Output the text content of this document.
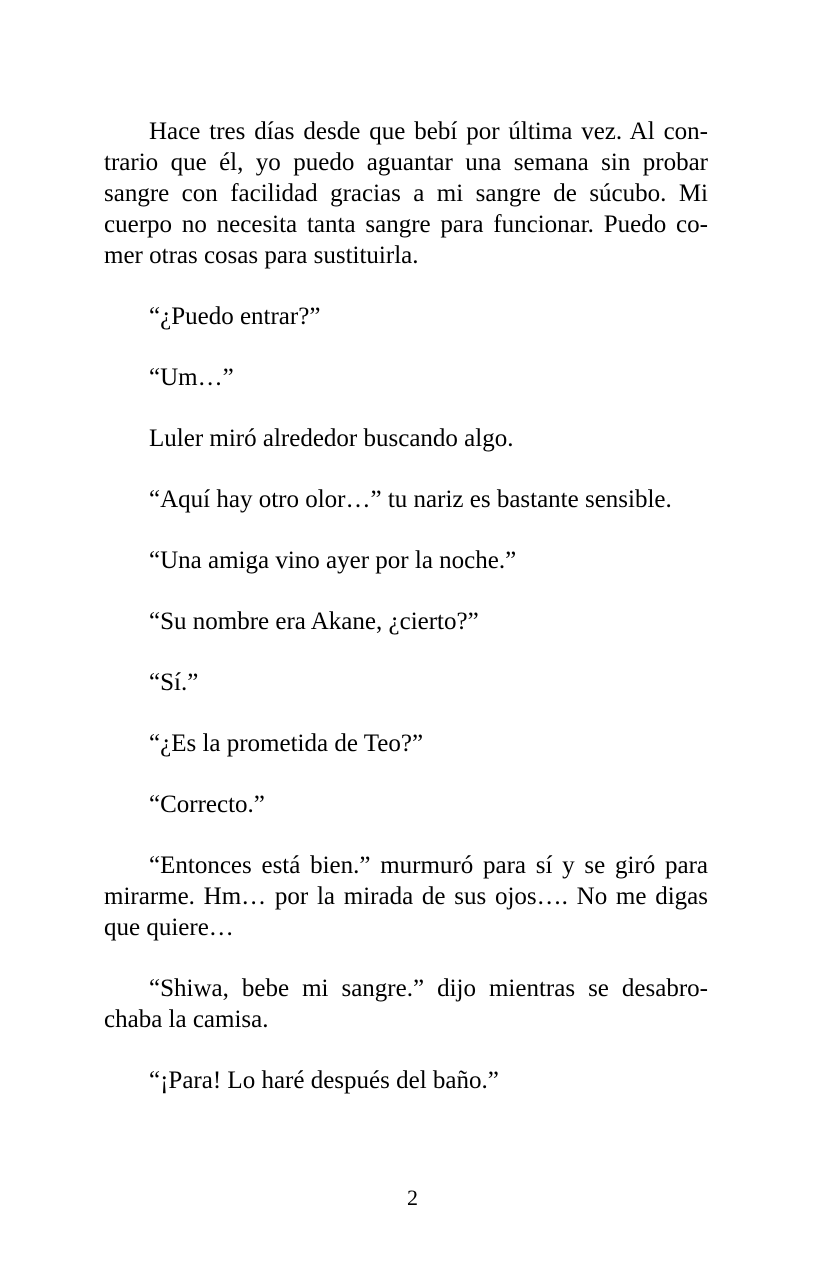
Hace tres días desde que bebí por última vez. Al contrario que él, yo puedo aguantar una semana sin probar sangre con facilidad gracias a mi sangre de súcubo. Mi cuerpo no necesita tanta sangre para funcionar. Puedo comer otras cosas para sustituirla.

“¿Puedo entrar?”

“Um…”

Luler miró alrededor buscando algo.

“Aquí hay otro olor…” tu nariz es bastante sensible.

“Una amiga vino ayer por la noche.”

“Su nombre era Akane, ¿cierto?”

“Sí.”

“¿Es la prometida de Teo?”

“Correcto.”

“Entonces está bien.” murmuró para sí y se giró para mirarme. Hm… por la mirada de sus ojos…. No me digas que quiere…

“Shiwa, bebe mi sangre.” dijo mientras se desabrochaba la camisa.

“¡Para! Lo haré después del baño.”

2
